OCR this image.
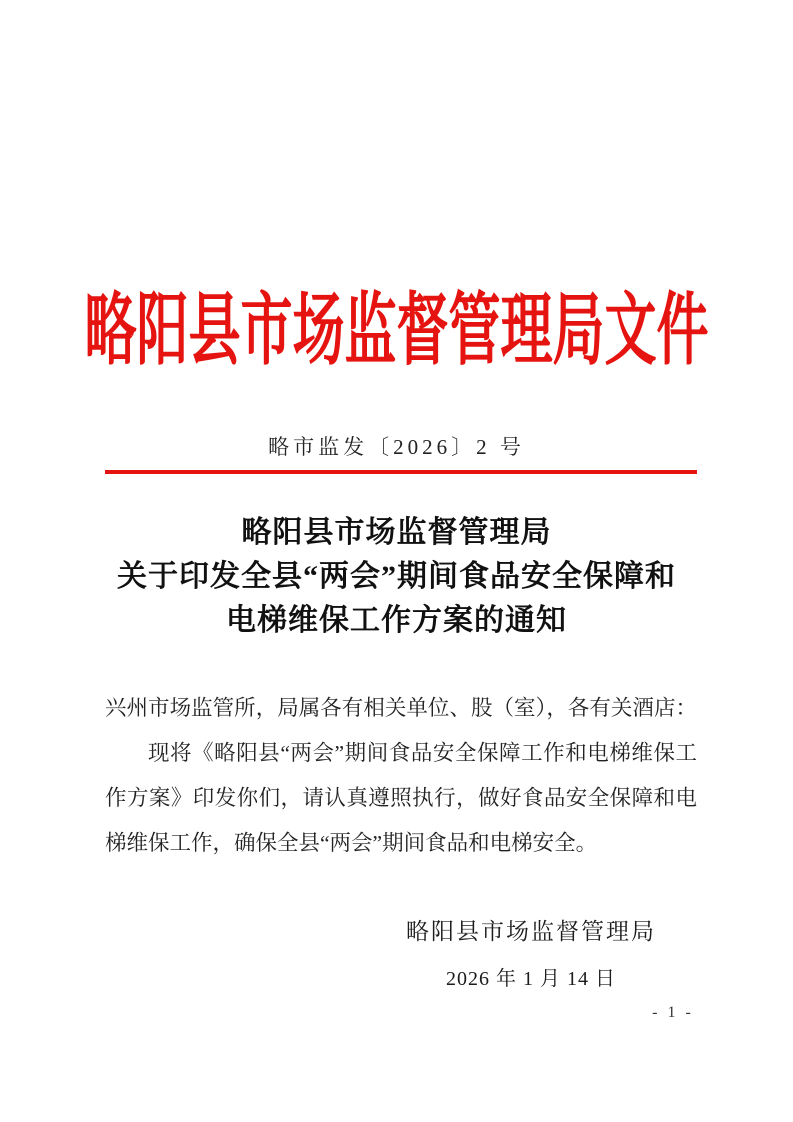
略阳县市场监督管理局文件
略市监发〔2026〕2 号
略阳县市场监督管理局
关于印发全县“两会”期间食品安全保障和
电梯维保工作方案的通知

兴州市场监管所，局属各有相关单位、股（室），各有关酒店：

现将《略阳县“两会”期间食品安全保障工作和电梯维保工作方案》印发你们，请认真遵照执行，做好食品安全保障和电梯维保工作，确保全县“两会”期间食品和电梯安全。

略阳县市场监督管理局
2026 年 1 月 14 日
- 1 -
